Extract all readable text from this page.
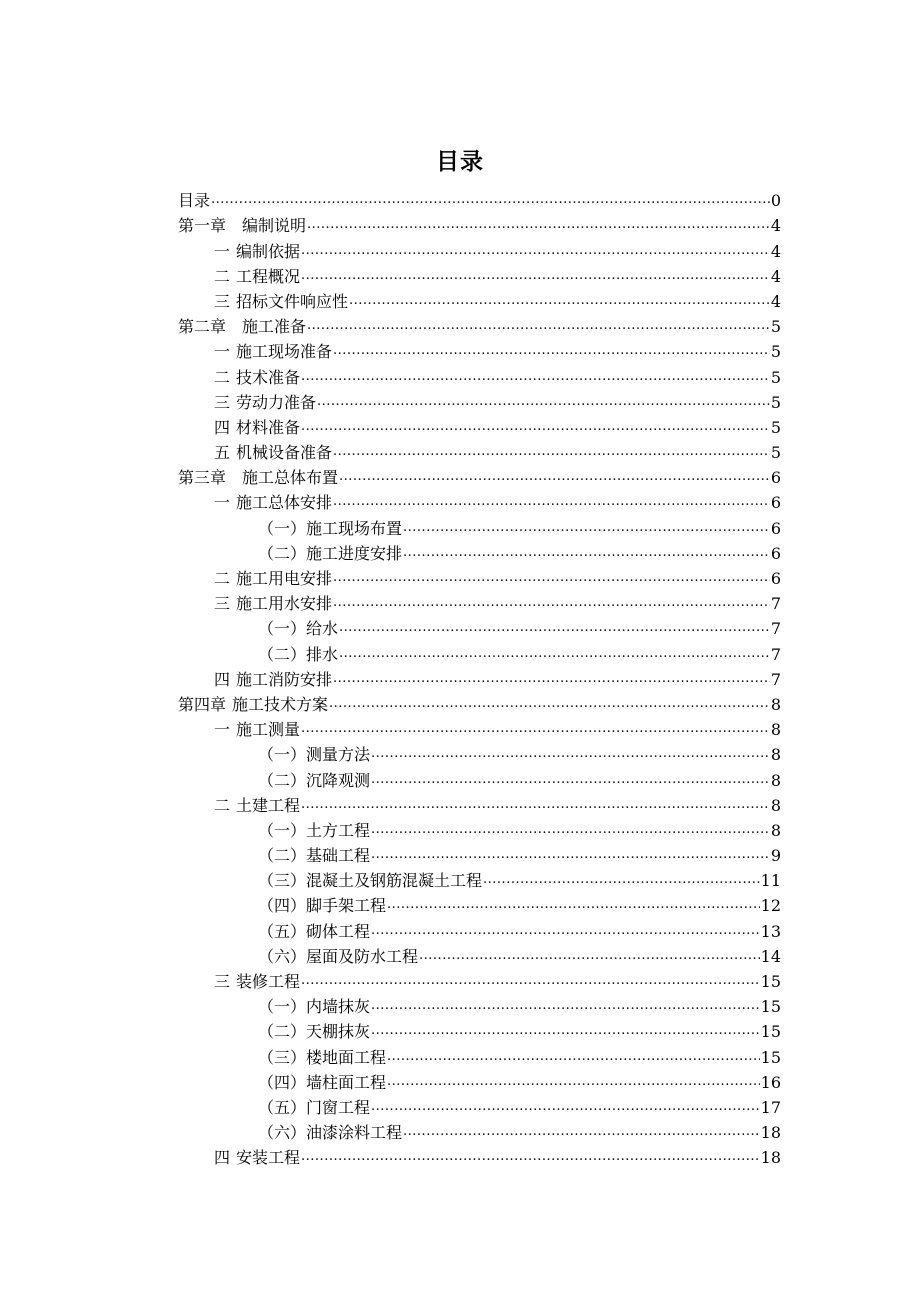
目录
目录 .....	0
第一章 编制说明 .....	4
一 编制依据 .....	4
二 工程概况 .....	4
三 招标文件响应性 .....	4
第二章 施工准备 .....	5
一 施工现场准备 .....	5
二 技术准备 .....	5
三 劳动力准备 .....	5
四 材料准备 .....	5
五 机械设备准备 .....	5
第三章 施工总体布置 .....	6
一 施工总体安排 .....	6
（一）施工现场布置 .....	6
（二）施工进度安排 .....	6
二 施工用电安排 .....	6
三 施工用水安排 .....	7
（一）给水 .....	7
（二）排水 .....	7
四 施工消防安排 .....	7
第四章 施工技术方案 .....	8
一 施工测量 .....	8
（一）测量方法 .....	8
（二）沉降观测 .....	8
二 土建工程 .....	8
（一）土方工程 .....	8
（二）基础工程 .....	9
（三）混凝土及钢筋混凝土工程 .....	11
（四）脚手架工程 .....	12
（五）砌体工程 .....	13
（六）屋面及防水工程 .....	14
三 装修工程 .....	15
（一）内墙抹灰 .....	15
（二）天棚抹灰 .....	15
（三）楼地面工程 .....	15
（四）墙柱面工程 .....	16
（五）门窗工程 .....	17
（六）油漆涂料工程 .....	18
四 安装工程 .....	18
